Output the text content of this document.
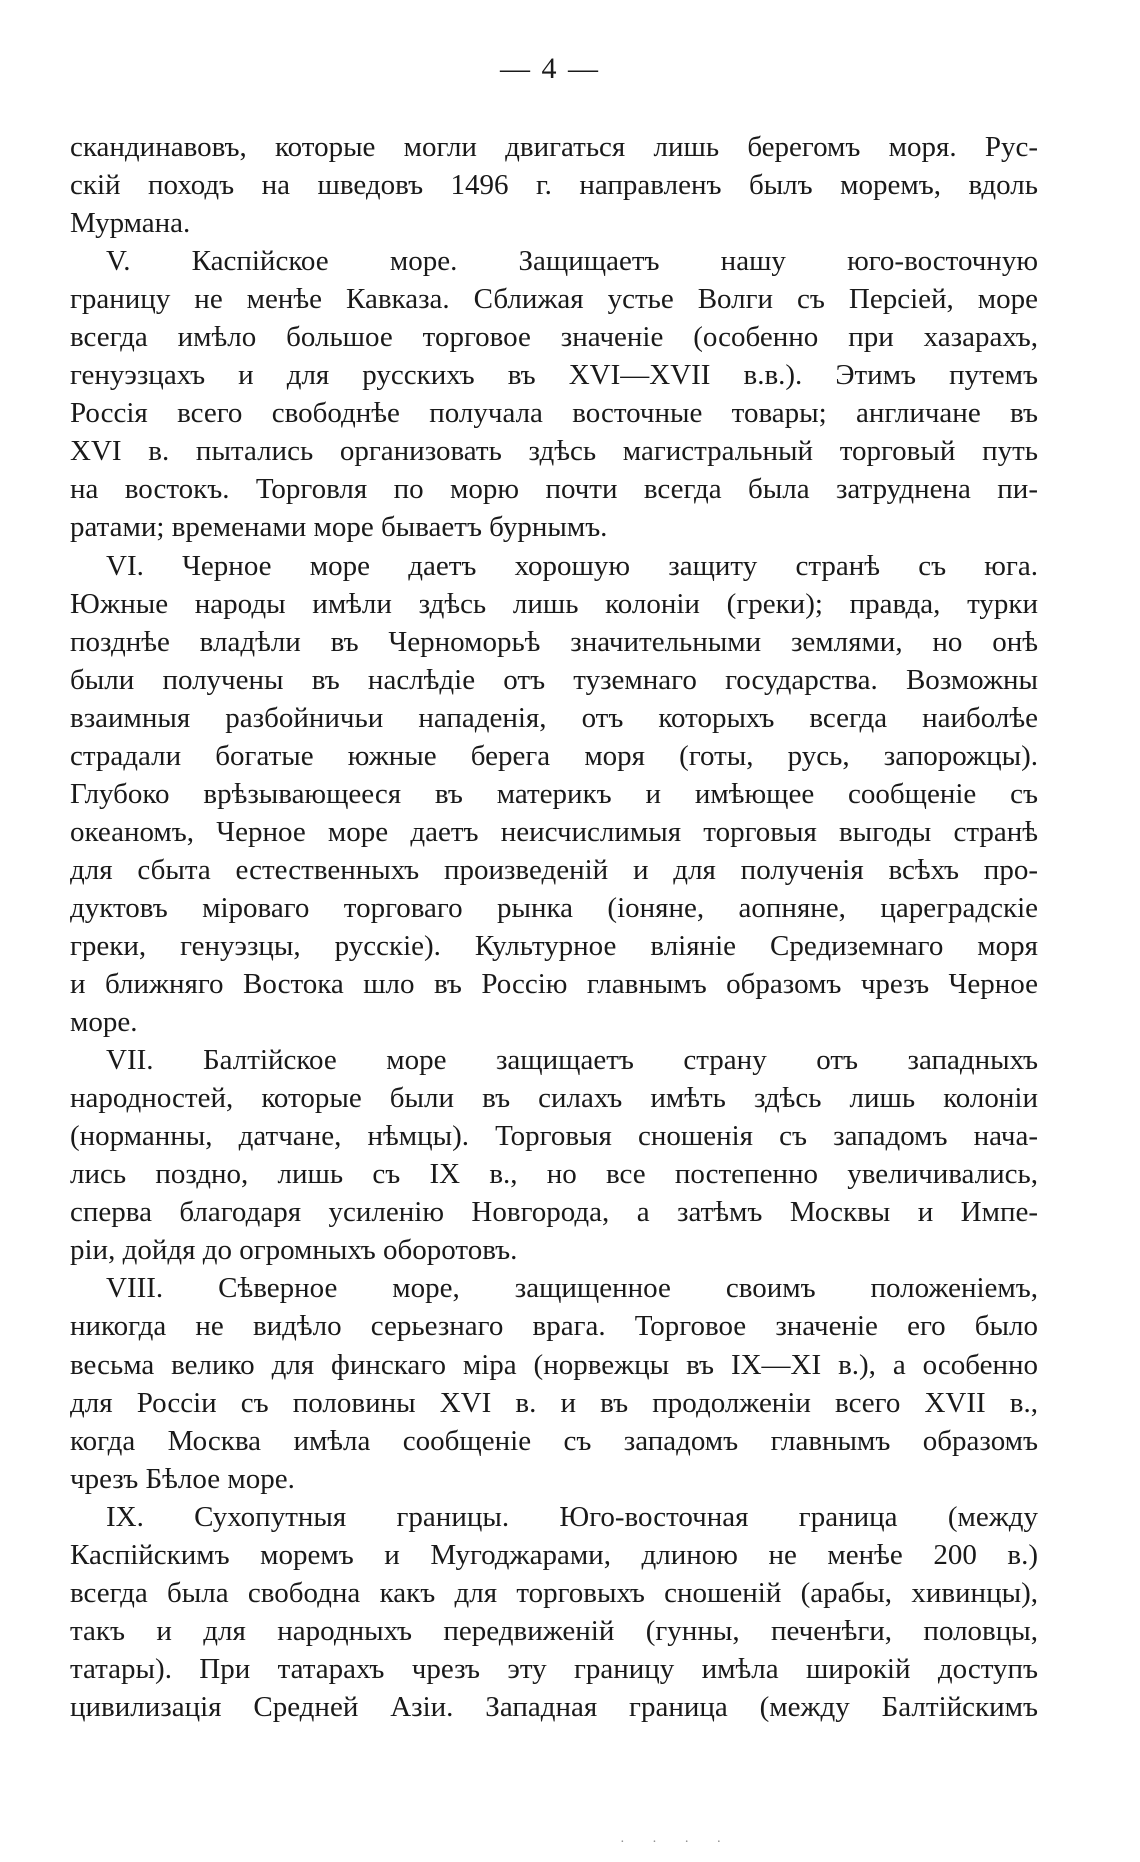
— 4 —
скандинавовъ, которые могли двигаться лишь берегомъ моря. Рус-
скій походъ на шведовъ 1496 г. направленъ былъ моремъ, вдоль
Мурмана.
V. Каспійское море. Защищаетъ нашу юго-восточную
границу не менѣе Кавказа. Сближая устье Волги съ Персіей, море
всегда имѣло большое торговое значеніе (особенно при хазарахъ,
генуэзцахъ и для русскихъ въ XVI—XVII в.в.). Этимъ путемъ
Россія всего свободнѣе получала восточные товары; англичане въ
XVI в. пытались организовать здѣсь магистральный торговый путь
на востокъ. Торговля по морю почти всегда была затруднена пи-
ратами; временами море бываетъ бурнымъ.
VI. Черное море даетъ хорошую защиту странѣ съ юга.
Южные народы имѣли здѣсь лишь колоніи (греки); правда, турки
позднѣе владѣли въ Черноморьѣ значительными землями, но онѣ
были получены въ наслѣдіе отъ туземнаго государства. Возможны
взаимныя разбойничьи нападенія, отъ которыхъ всегда наиболѣе
страдали богатые южные берега моря (готы, русь, запорожцы).
Глубоко врѣзывающееся въ материкъ и имѣющее сообщеніе съ
океаномъ, Черное море даетъ неисчислимыя торговыя выгоды странѣ
для сбыта естественныхъ произведеній и для полученія всѣхъ про-
дуктовъ міроваго торговаго рынка (іоняне, аопняне, цареградскіе
греки, генуэзцы, русскіе). Культурное вліяніе Средиземнаго моря
и ближняго Востока шло въ Россію главнымъ образомъ чрезъ Черное
море.
VII. Балтійское море защищаетъ страну отъ западныхъ
народностей, которые были въ силахъ имѣть здѣсь лишь колоніи
(норманны, датчане, нѣмцы). Торговыя сношенія съ западомъ нача-
лись поздно, лишь съ IX в., но все постепенно увеличивались,
сперва благодаря усиленію Новгорода, а затѣмъ Москвы и Импе-
ріи, дойдя до огромныхъ оборотовъ.
VIII. Сѣверное море, защищенное своимъ положеніемъ,
никогда не видѣло серьезнаго врага. Торговое значеніе его было
весьма велико для финскаго міра (норвежцы въ IX—XI в.), а особенно
для Россіи съ половины XVI в. и въ продолженіи всего XVII в.,
когда Москва имѣла сообщеніе съ западомъ главнымъ образомъ
чрезъ Бѣлое море.
IX. Сухопутныя границы. Юго-восточная граница (между
Каспійскимъ моремъ и Мугоджарами, длиною не менѣе 200 в.)
всегда была свободна какъ для торговыхъ сношеній (арабы, хивинцы),
такъ и для народныхъ передвиженій (гунны, печенѣги, половцы,
татары). При татарахъ чрезъ эту границу имѣла широкій доступъ
цивилизація Средней Азіи. Западная граница (между Балтійскимъ
· · · ·
